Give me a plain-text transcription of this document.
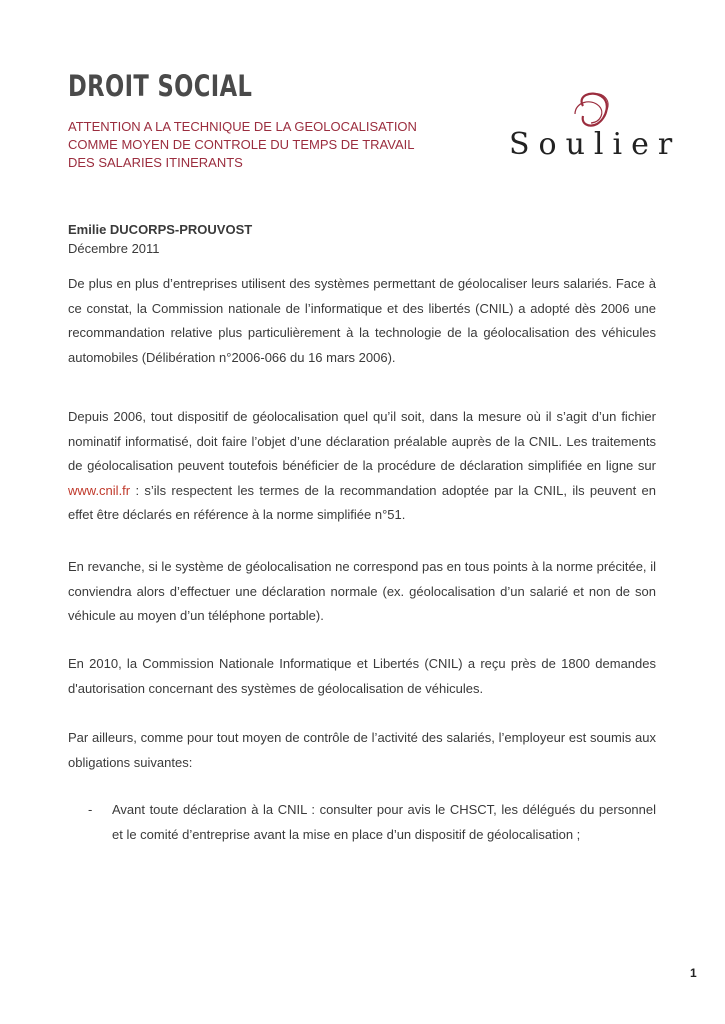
DROIT SOCIAL
ATTENTION A LA TECHNIQUE DE LA GEOLOCALISATION
COMME MOYEN DE CONTROLE DU TEMPS DE TRAVAIL
DES SALARIES ITINERANTS
Soulier
Emilie DUCORPS-PROUVOST
Décembre 2011

De plus en plus d’entreprises utilisent des systèmes permettant de géolocaliser leurs salariés. Face à ce constat, la Commission nationale de l’informatique et des libertés (CNIL) a adopté dès 2006 une recommandation relative plus particulièrement à la technologie de la géolocalisation des véhicules automobiles (Délibération n°2006-066 du 16 mars 2006).

Depuis 2006, tout dispositif de géolocalisation quel qu’il soit, dans la mesure où il s’agit d’un fichier nominatif informatisé, doit faire l’objet d’une déclaration préalable auprès de la CNIL. Les traitements de géolocalisation peuvent toutefois bénéficier de la procédure de déclaration simplifiée en ligne sur www.cnil.fr : s’ils respectent les termes de la recommandation adoptée par la CNIL, ils peuvent en effet être déclarés en référence à la norme simplifiée n°51.

En revanche, si le système de géolocalisation ne correspond pas en tous points à la norme précitée, il conviendra alors d’effectuer une déclaration normale (ex. géolocalisation d’un salarié et non de son véhicule au moyen d’un téléphone portable).

En 2010, la Commission Nationale Informatique et Libertés (CNIL) a reçu près de 1800 demandes d'autorisation concernant des systèmes de géolocalisation de véhicules.

Par ailleurs, comme pour tout moyen de contrôle de l’activité des salariés, l’employeur est soumis aux obligations suivantes:

- Avant toute déclaration à la CNIL : consulter pour avis le CHSCT, les délégués du personnel et le comité d’entreprise avant la mise en place d’un dispositif de géolocalisation ;
1
